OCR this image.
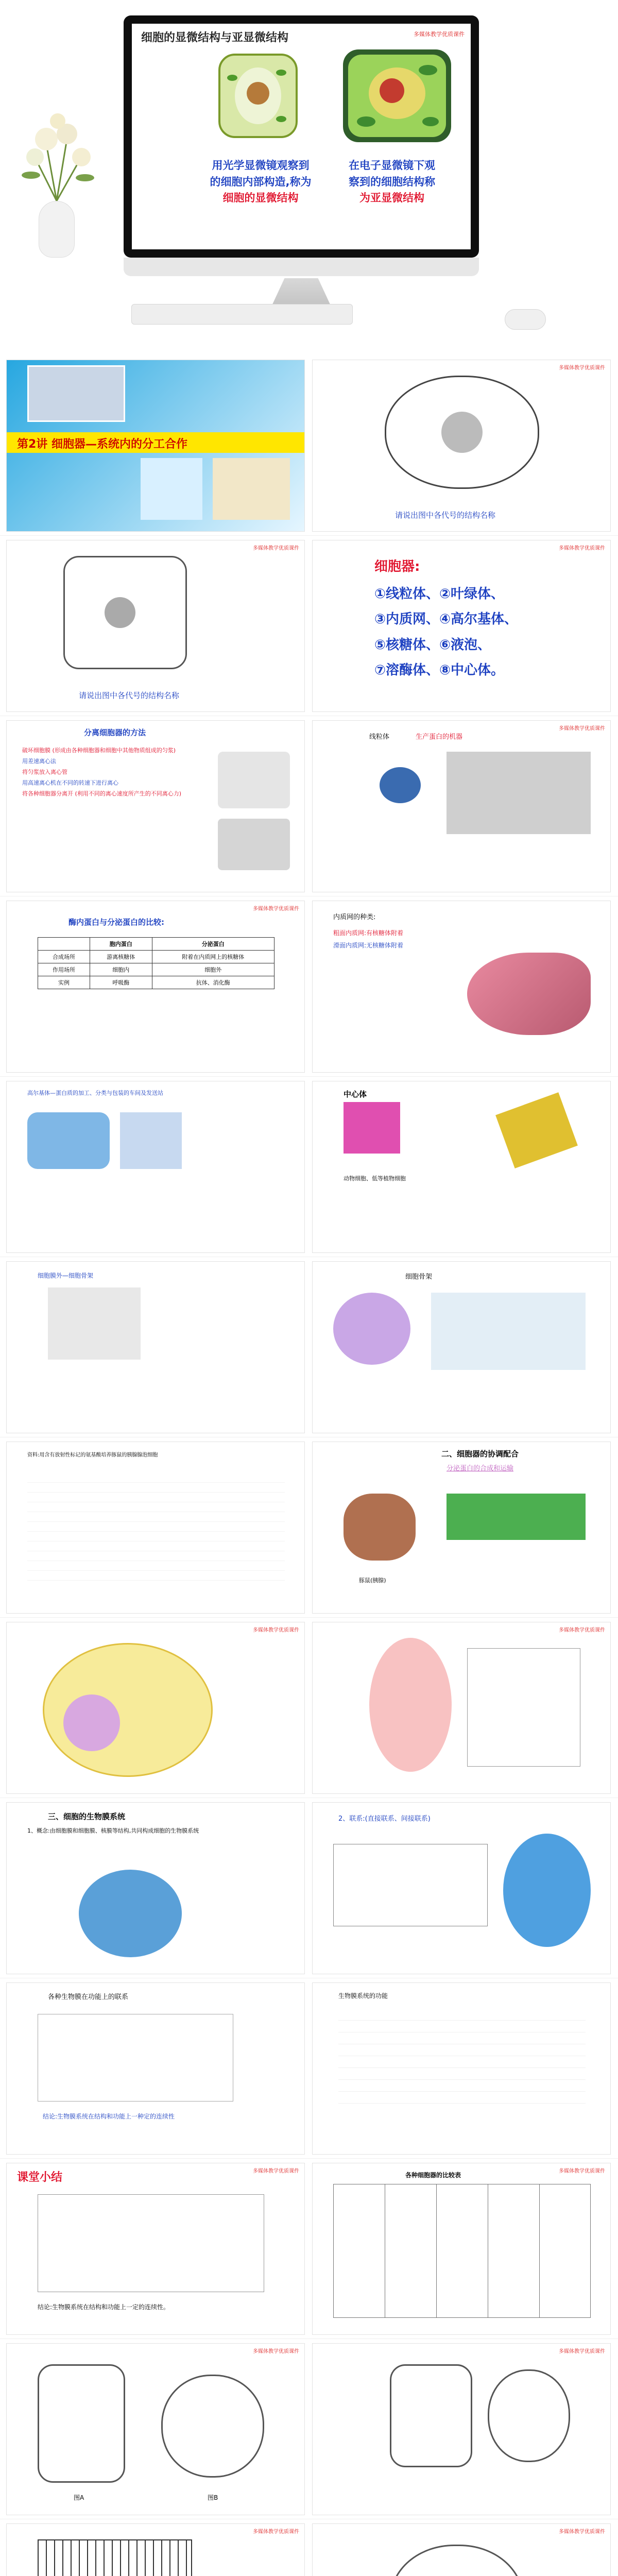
细胞的显微结构与亚显微结构	多媒体教学优质课件
用光学显微镜观察到
的细胞内部构造,称为
细胞的显微结构
在电子显微镜下观
察到的细胞结构称
为亚显微结构
第2讲 细胞器—系统内的分工合作
多媒体教学优质课件
请说出图中各代号的结构名称
多媒体教学优质课件
请说出图中各代号的结构名称
多媒体教学优质课件
细胞器:
①线粒体、②叶绿体、
③内质网、④高尔基体、
⑤核糖体、⑥液泡、
⑦溶酶体、⑧中心体。
分离细胞器的方法
破坏细胞膜 (形成由各种细胞器和细胞中其他物质组成的匀浆)
用差速离心法
将匀浆放入离心管
用高速离心机在不同的转速下进行离心
将各种细胞器分离开 (利用不同的离心速度所产生的不同离心力)
多媒体教学优质课件
线粒体	生产蛋白的机器
多媒体教学优质课件
酶内蛋白与分泌蛋白的比较:
	胞内蛋白	分泌蛋白
合成场所	游离核糖体	附着在内质网上的核糖体
作用场所	细胞内	细胞外
实例	呼吸酶	抗体、消化酶
内质网的种类:
粗面内质网:有核糖体附着
滑面内质网:无核糖体附着
高尔基体—蛋白质的加工、分类与包装的车间及发送站	中心体
动物细胞、低等植物细胞
细胞膜外—细胞骨架	细胞骨架
资料:用含有放射性标记的氨基酸培养豚鼠的胰腺腺泡细胞	二、细胞器的协调配合
分泌蛋白的合成和运输
豚鼠(胰腺)
多媒体教学优质课件	多媒体教学优质课件
三、细胞的生物膜系统
1、概念:由细胞膜和细胞膜、核膜等结构,共同构成细胞的生物膜系统
2、联系:(直接联系、间接联系)
各种生物膜在功能上的联系
结论:生物膜系统在结构和功能上一种定的连续性
生物膜系统的功能
多媒体教学优质课件
课堂小结
结论:生物膜系统在结构和功能上一定的连续性。
多媒体教学优质课件
各种细胞器的比较表
多媒体教学优质课件
图A	图B
多媒体教学优质课件
多媒体教学优质课件	多媒体教学优质课件
